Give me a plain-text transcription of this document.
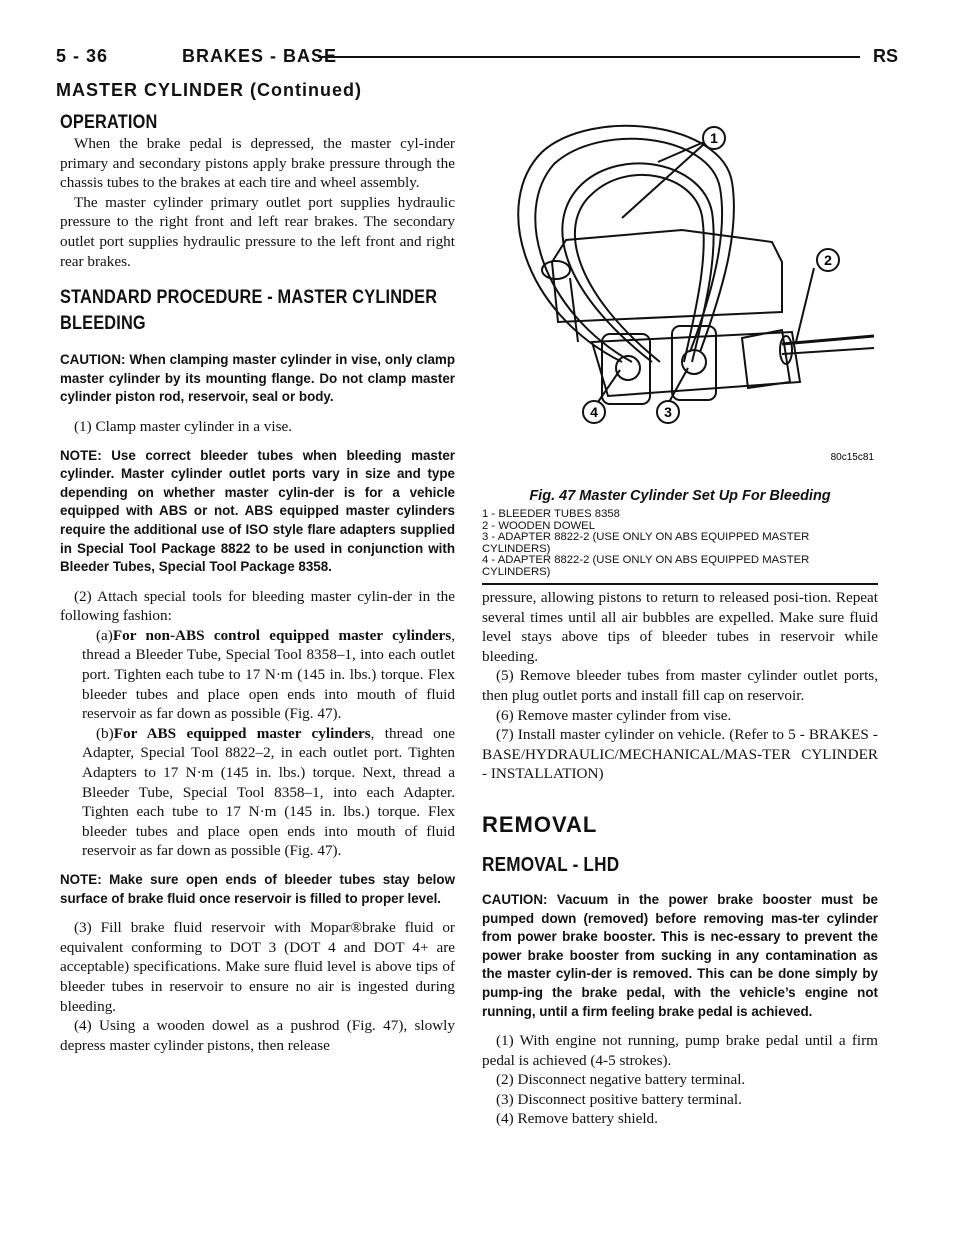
5 - 36	BRAKES - BASE	RS
MASTER CYLINDER (Continued)
OPERATION

When the brake pedal is depressed, the master cyl-inder primary and secondary pistons apply brake pressure through the chassis tubes to the brakes at each tire and wheel assembly.

The master cylinder primary outlet port supplies hydraulic pressure to the right front and left rear brakes. The secondary outlet port supplies hydraulic pressure to the left front and right rear brakes.

STANDARD PROCEDURE - MASTER CYLINDER
BLEEDING

CAUTION: When clamping master cylinder in vise, only clamp master cylinder by its mounting flange. Do not clamp master cylinder piston rod, reservoir, seal or body.

(1) Clamp master cylinder in a vise.

NOTE: Use correct bleeder tubes when bleeding master cylinder. Master cylinder outlet ports vary in size and type depending on whether master cylin-der is for a vehicle equipped with ABS or not. ABS equipped master cylinders require the additional use of ISO style flare adapters supplied in Special Tool Package 8822 to be used in conjunction with Bleeder Tubes, Special Tool Package 8358.

(2) Attach special tools for bleeding master cylin-der in the following fashion:

(a)For non-ABS control equipped master cylinders, thread a Bleeder Tube, Special Tool 8358–1, into each outlet port. Tighten each tube to 17 N·m (145 in. lbs.) torque. Flex bleeder tubes and place open ends into mouth of fluid reservoir as far down as possible (Fig. 47).

(b)For ABS equipped master cylinders, thread one Adapter, Special Tool 8822–2, in each outlet port. Tighten Adapters to 17 N·m (145 in. lbs.) torque. Next, thread a Bleeder Tube, Special Tool 8358–1, into each Adapter. Tighten each tube to 17 N·m (145 in. lbs.) torque. Flex bleeder tubes and place open ends into mouth of fluid reservoir as far down as possible (Fig. 47).

NOTE: Make sure open ends of bleeder tubes stay below surface of brake fluid once reservoir is filled to proper level.

(3) Fill brake fluid reservoir with Mopar®brake fluid or equivalent conforming to DOT 3 (DOT 4 and DOT 4+ are acceptable) specifications. Make sure fluid level is above tips of bleeder tubes in reservoir to ensure no air is ingested during bleeding.

(4) Using a wooden dowel as a pushrod (Fig. 47), slowly depress master cylinder pistons, then release

1
2
3
4
80c15c81
Fig. 47 Master Cylinder Set Up For Bleeding
1 - BLEEDER TUBES 8358
2 - WOODEN DOWEL
3 - ADAPTER 8822-2 (USE ONLY ON ABS EQUIPPED MASTER CYLINDERS)
4 - ADAPTER 8822-2 (USE ONLY ON ABS EQUIPPED MASTER CYLINDERS)

pressure, allowing pistons to return to released posi-tion. Repeat several times until all air bubbles are expelled. Make sure fluid level stays above tips of bleeder tubes in reservoir while bleeding.

(5) Remove bleeder tubes from master cylinder outlet ports, then plug outlet ports and install fill cap on reservoir.

(6) Remove master cylinder from vise.

(7) Install master cylinder on vehicle. (Refer to 5 - BRAKES - BASE/HYDRAULIC/MECHANICAL/MAS-TER CYLINDER - INSTALLATION)

REMOVAL
REMOVAL - LHD

CAUTION: Vacuum in the power brake booster must be pumped down (removed) before removing mas-ter cylinder from power brake booster. This is nec-essary to prevent the power brake booster from sucking in any contamination as the master cylin-der is removed. This can be done simply by pump-ing the brake pedal, with the vehicle’s engine not running, until a firm feeling brake pedal is achieved.

(1) With engine not running, pump brake pedal until a firm pedal is achieved (4-5 strokes).

(2) Disconnect negative battery terminal.

(3) Disconnect positive battery terminal.

(4) Remove battery shield.
